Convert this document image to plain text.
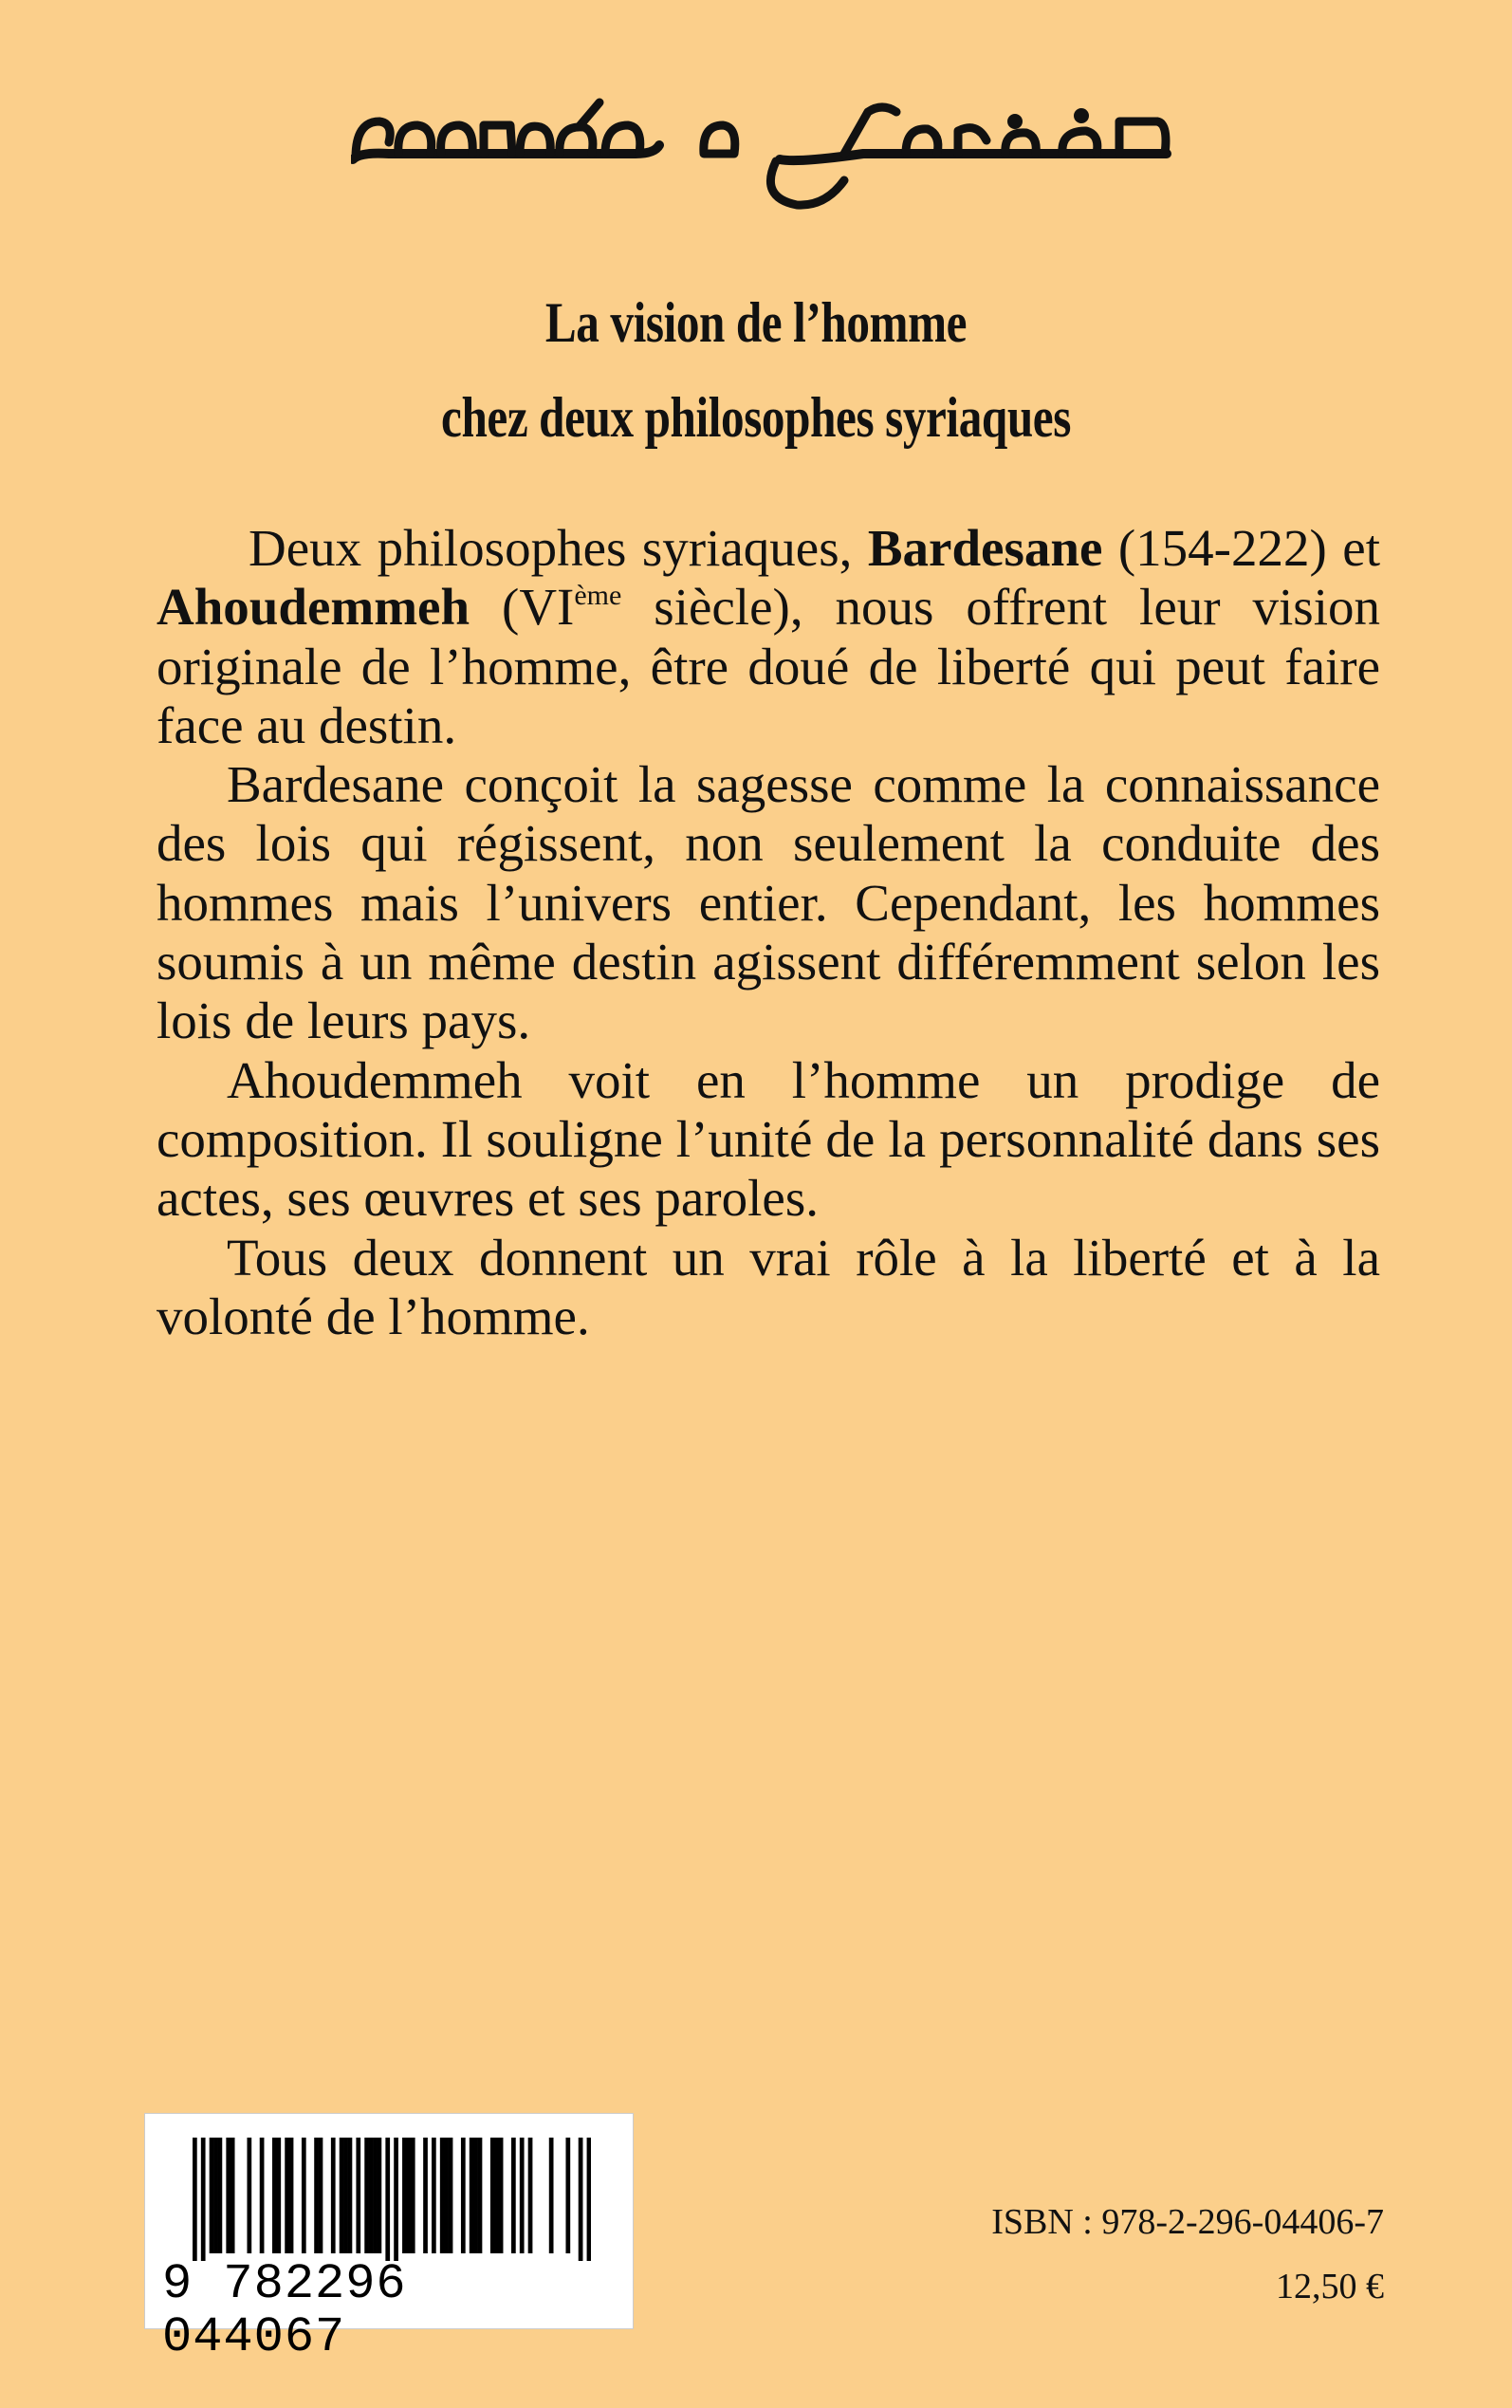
La vision de l’homme
chez deux philosophes syriaques

Deux philosophes syriaques, Bardesane (154-222) et Ahoudemmeh (VIème siècle), nous offrent leur vision originale de l’homme, être doué de liberté qui peut faire face au destin.

Bardesane conçoit la sagesse comme la connaissance des lois qui régissent, non seulement la conduite des hommes mais l’univers entier. Cependant, les hommes soumis à un même destin agissent différemment selon les lois de leurs pays.

Ahoudemmeh voit en l’homme un prodige de composition. Il souligne l’unité de la personnalité dans ses actes, ses œuvres et ses paroles.

Tous deux donnent un vrai rôle à la liberté et à la volonté de l’homme.

9 782296 044067
ISBN : 978-2-296-04406-7
12,50 €
